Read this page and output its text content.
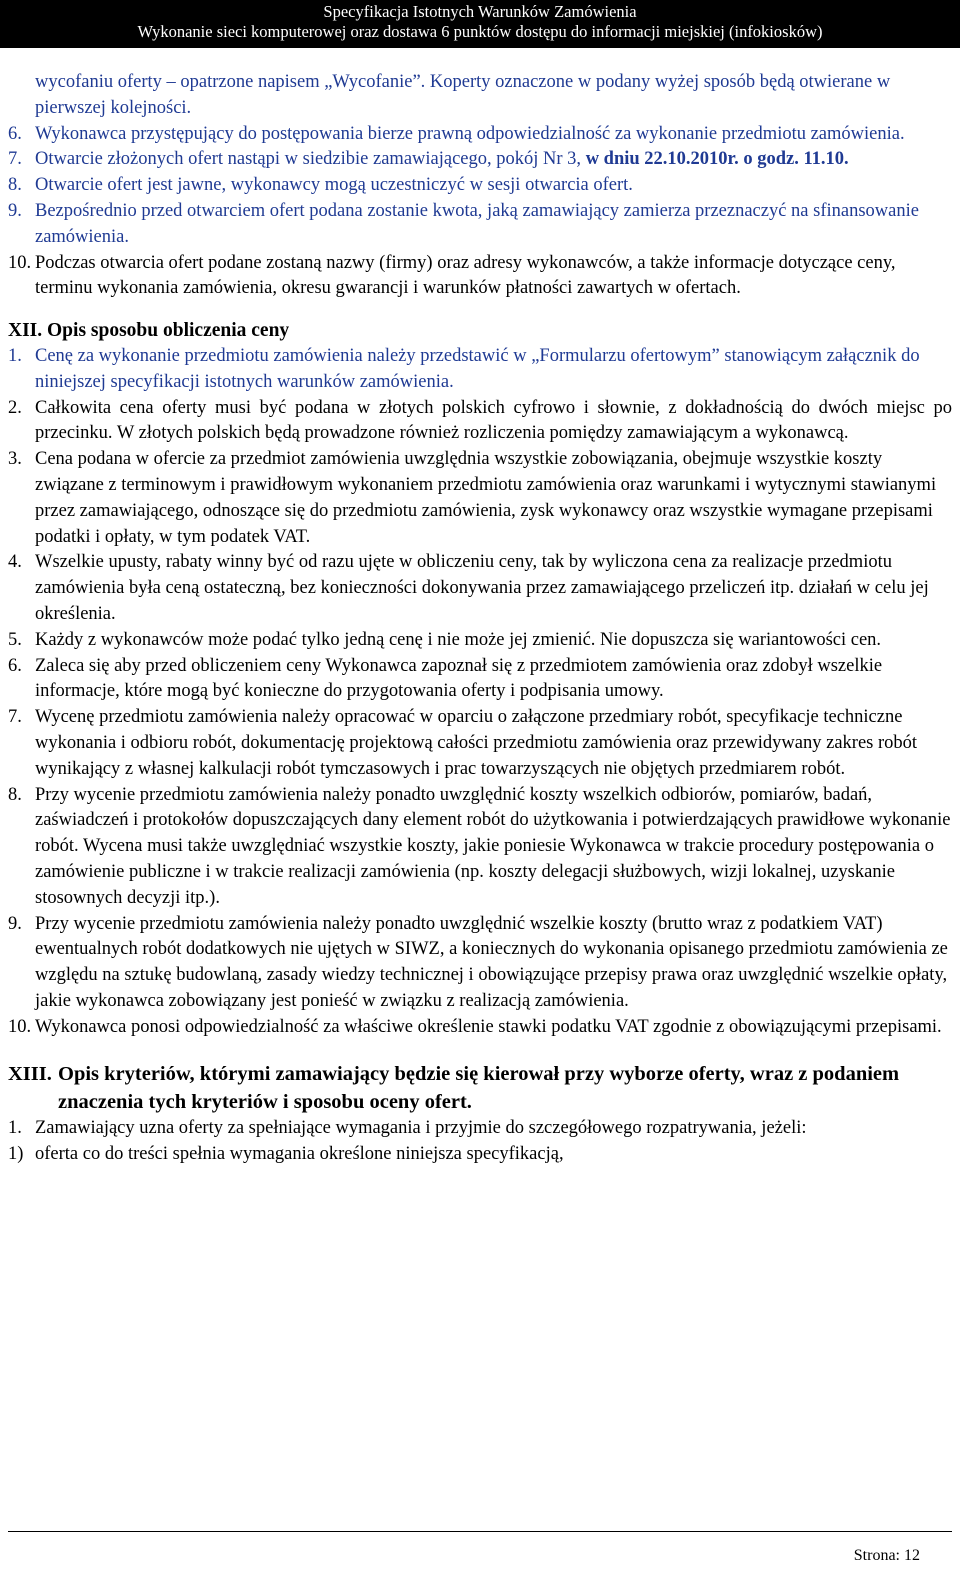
Specyfikacja Istotnych Warunków Zamówienia
Wykonanie sieci komputerowej oraz dostawa 6 punktów dostępu do informacji miejskiej (infokiosków)
wycofaniu oferty – opatrzone napisem „Wycofanie”. Koperty oznaczone w podany wyżej sposób będą otwierane w pierwszej kolejności.
6. Wykonawca przystępujący do postępowania bierze prawną odpowiedzialność za wykonanie przedmiotu zamówienia.
7. Otwarcie złożonych ofert nastąpi w siedzibie zamawiającego, pokój Nr 3, w dniu 22.10.2010r. o godz. 11.10.
8. Otwarcie ofert jest jawne, wykonawcy mogą uczestniczyć w sesji otwarcia ofert.
9. Bezpośrednio przed otwarciem ofert podana zostanie kwota, jaką zamawiający zamierza przeznaczyć na sfinansowanie zamówienia.
10. Podczas otwarcia ofert podane zostaną nazwy (firmy) oraz adresy wykonawców, a także informacje dotyczące ceny, terminu wykonania zamówienia, okresu gwarancji i warunków płatności zawartych w ofertach.
XII. Opis sposobu obliczenia ceny
1. Cenę za wykonanie przedmiotu zamówienia należy przedstawić w „Formularzu ofertowym” stanowiącym załącznik do niniejszej specyfikacji istotnych warunków zamówienia.
2. Całkowita cena oferty musi być podana w złotych polskich cyfrowo i słownie, z dokładnością do dwóch miejsc po przecinku. W złotych polskich będą prowadzone również rozliczenia pomiędzy zamawiającym a wykonawcą.
3. Cena podana w ofercie za przedmiot zamówienia uwzględnia wszystkie zobowiązania, obejmuje wszystkie koszty związane z terminowym i prawidłowym wykonaniem przedmiotu zamówienia oraz warunkami i wytycznymi stawianymi przez zamawiającego, odnoszące się do przedmiotu zamówienia, zysk wykonawcy oraz wszystkie wymagane przepisami podatki i opłaty, w tym podatek VAT.
4. Wszelkie upusty, rabaty winny być od razu ujęte w obliczeniu ceny, tak by wyliczona cena za realizacje przedmiotu zamówienia była ceną ostateczną, bez konieczności dokonywania przez zamawiającego przeliczeń itp. działań w celu jej określenia.
5. Każdy z wykonawców może podać tylko jedną cenę i nie może jej zmienić. Nie dopuszcza się wariantowości cen.
6. Zaleca się aby przed obliczeniem ceny Wykonawca zapoznał się z przedmiotem zamówienia oraz zdobył wszelkie informacje, które mogą być konieczne do przygotowania oferty i podpisania umowy.
7. Wycenę przedmiotu zamówienia należy opracować w oparciu o załączone przedmiary robót, specyfikacje techniczne wykonania i odbioru robót, dokumentację projektową całości przedmiotu zamówienia oraz przewidywany zakres robót wynikający z własnej kalkulacji robót tymczasowych i prac towarzyszących nie objętych przedmiarem robót.
8. Przy wycenie przedmiotu zamówienia należy ponadto uwzględnić koszty wszelkich odbiorów, pomiarów, badań, zaświadczeń i protokołów dopuszczających dany element robót do użytkowania i potwierdzających prawidłowe wykonanie robót. Wycena musi także uwzględniać wszystkie koszty, jakie poniesie Wykonawca w trakcie procedury postępowania o zamówienie publiczne i w trakcie realizacji zamówienia (np. koszty delegacji służbowych, wizji lokalnej, uzyskanie stosownych decyzji itp.).
9. Przy wycenie przedmiotu zamówienia należy ponadto uwzględnić wszelkie koszty (brutto wraz z podatkiem VAT) ewentualnych robót dodatkowych nie ujętych w SIWZ, a koniecznych do wykonania opisanego przedmiotu zamówienia ze względu na sztukę budowlaną, zasady wiedzy technicznej i obowiązujące przepisy prawa oraz uwzględnić wszelkie opłaty, jakie wykonawca zobowiązany jest ponieść w związku z realizacją zamówienia.
10. Wykonawca ponosi odpowiedzialność za właściwe określenie stawki podatku VAT zgodnie z obowiązującymi przepisami.
XIII. Opis kryteriów, którymi zamawiający będzie się kierował przy wyborze oferty, wraz z podaniem znaczenia tych kryteriów i sposobu oceny ofert.
1. Zamawiający uzna oferty za spełniające wymagania i przyjmie do szczegółowego rozpatrywania, jeżeli:
1) oferta co do treści spełnia wymagania określone niniejsza specyfikacją,
Strona: 12
